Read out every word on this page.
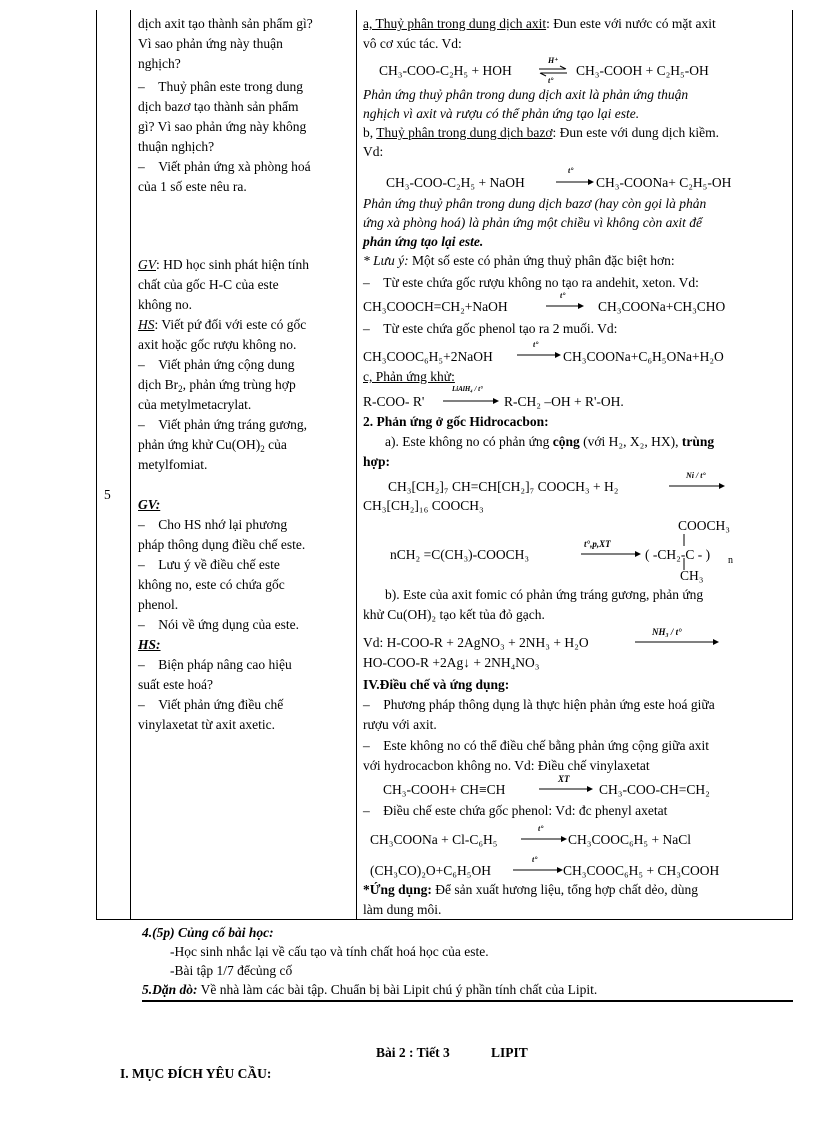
5
dịch axit tạo thành sản phẩm gì?
Vì sao phản ứng này thuận
nghịch?
–    Thuỷ phân este trong dung
dịch bazơ tạo thành sản phẩm
gì? Vì sao phản ứng này không
thuận nghịch?
–    Viết phản ứng xà phòng hoá
của 1 số este nêu ra.
GV: HD học sinh phát hiện tính
chất của gốc H-C của este
không no.
HS: Viết pứ đối với este có gốc
axit hoặc gốc rượu không no.
–    Viết phản ứng cộng dung
dịch $Br_2$, phản ứng trùng hợp
của metylmetacrylat.
–    Viết phản ứng tráng gương,
phản ứng khử $Cu(OH)_2$ của
metylfomiat.
GV:
–    Cho HS nhớ lại phương
pháp thông dụng điều chế este.
–    Lưu ý về điều chế este
không no, este có chứa gốc
phenol.
–    Nói về ứng dụng của este.
HS:
–    Biện pháp nâng cao hiệu
suất este hoá?
–    Viết phản ứng điều chế
vinylaxetat từ axit axetic.
a, Thuỷ phân trong dung dịch axit: Đun este với nước có mặt axit
vô cơ xúc tác. Vd:
CH₃-COO-C₂H₅ + HOH
H⁺
t°
CH₃-COOH + C₂H₅-OH
Phản ứng thuỷ phân trong dung dịch axit là phản ứng thuận
nghịch vì axit và rượu có thể phản ứng tạo lại este.
b, Thuỷ phân trong dung dịch bazơ: Đun este với dung dịch kiềm.
Vd:
CH₃-COO-C₂H₅ + NaOH
t°
CH₃-COONa+ C₂H₅-OH
Phản ứng thuỷ phân trong dung dịch bazơ (hay còn gọi là phản
ứng xà phòng hoá) là phản ứng một chiều vì không còn axit để
phản ứng tạo lại este.
* Lưu ý: Một số este có phản ứng thuỷ phân đặc biệt hơn:
–    Từ este chứa gốc rượu không no tạo ra andehit, xeton. Vd:
CH₃COOCH=CH₂+NaOH
t°
CH₃COONa+CH₃CHO
–    Từ este chứa gốc phenol tạo ra 2 muối. Vd:
CH₃COOC₆H₅+2NaOH
t°
CH₃COONa+C₆H₅ONa+H₂O
c, Phản ứng khử:
R-COO- R'
LiAlH₄ / t°
R-CH₂ –OH + R'-OH.
2. Phản ứng ở gốc Hidrocacbon:
a). Este không no có phản ứng cộng (với H₂, X₂, HX), trùng
hợp:
CH₃[CH₂]₇ CH=CH[CH₂]₇ COOCH₃ + H₂
Ni / t°
CH₃[CH₂]₁₆ COOCH₃
COOCH₃
nCH₂ =C(CH₃)-COOCH₃
t°,p,XT
( -CH₂-C - ) n
CH₃
b). Este của axit fomic có phản ứng tráng gương, phản ứng
khử Cu(OH)₂ tạo kết tủa đỏ gạch.
Vd: H-COO-R + 2AgNO₃ + 2NH₃ + H₂O
NH₃ / t°
HO-COO-R +2Ag↓ + 2NH₄NO₃
IV.Điều chế và ứng dụng:
–    Phương pháp thông dụng là thực hiện phản ứng este hoá giữa
rượu với axit.
–    Este không no có thể điều chế bằng phản ứng cộng giữa axit
với hydrocacbon không no. Vd: Điều chế vinylaxetat
CH₃-COOH+ CH≡CH
XT
CH₃-COO-CH=CH₂
–    Điều chế este chứa gốc phenol: Vd: đc phenyl axetat
CH₃COONa + Cl-C₆H₅
t°
CH₃COOC₆H₅ + NaCl
(CH₃CO)₂O+C₆H₅OH
t°
CH₃COOC₆H₅ + CH₃COOH
*Ứng dụng: Để sản xuất hương liệu, tổng hợp chất dẻo, dùng
làm dung môi.
4.(5p) Củng cố bài học:
-Học sinh nhắc lại về cấu tạo và tính chất hoá học của este.
-Bài tập 1/7 đểcủng cố
5.Dặn dò: Về nhà làm các bài tập. Chuẩn bị bài Lipit chú ý phần tính chất của Lipit.
Bài 2 : Tiết 3	LIPIT
I. MỤC ĐÍCH YÊU CẦU:
